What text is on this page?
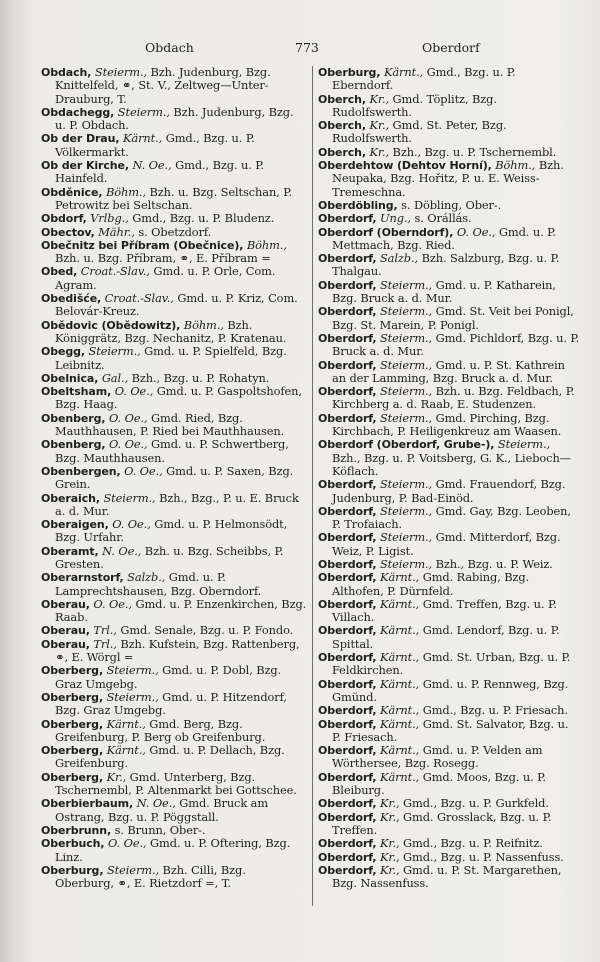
Obdach	773	Oberdorf

Obdach, Steierm., Bzh. Judenburg, Bzg. Knittelfeld, ⚭, St. V., Zeltweg—Unter-Drauburg, T.

Obdachegg, Steierm., Bzh. Judenburg, Bzg. u. P. Obdach.

Ob der Drau, Kärnt., Gmd., Bzg. u. P. Völkermarkt.

Ob der Kirche, N. Oe., Gmd., Bzg. u. P. Hainfeld.

Obděnice, Böhm., Bzh. u. Bzg. Seltschan, P. Petrowitz bei Seltschan.

Obdorf, Vrlbg., Gmd., Bzg. u. P. Bludenz.

Obectov, Mähr., s. Obetzdorf.

Obečnitz bei Příbram (Obečnice), Böhm., Bzh. u. Bzg. Příbram, ⚭, E. Příbram =

Obed, Croat.-Slav., Gmd. u. P. Orle, Com. Agram.

Obedišće, Croat.-Slav., Gmd. u. P. Kriz, Com. Belovár-Kreuz.

Obědovic (Obědowitz), Böhm., Bzh. Königgrätz, Bzg. Nechanitz, P. Kratenau.

Obegg, Steierm., Gmd. u. P. Spielfeld, Bzg. Leibnitz.

Obelnica, Gal., Bzh., Bzg. u. P. Rohatyn.

Obeltsham, O. Oe., Gmd. u. P. Gaspoltshofen, Bzg. Haag.

Obenberg, O. Oe., Gmd. Ried, Bzg. Mauthhausen, P. Ried bei Mauthhausen.

Obenberg, O. Oe., Gmd. u. P. Schwertberg, Bzg. Mauthhausen.

Obenbergen, O. Oe., Gmd. u. P. Saxen, Bzg. Grein.

Oberaich, Steierm., Bzh., Bzg., P. u. E. Bruck a. d. Mur.

Oberaigen, O. Oe., Gmd. u. P. Helmonsödt, Bzg. Urfahr.

Oberamt, N. Oe., Bzh. u. Bzg. Scheibbs, P. Gresten.

Oberarnstorf, Salzb., Gmd. u. P. Lamprechtshausen, Bzg. Oberndorf.

Oberau, O. Oe., Gmd. u. P. Enzenkirchen, Bzg. Raab.

Oberau, Trl., Gmd. Senale, Bzg. u. P. Fondo.

Oberau, Trl., Bzh. Kufstein, Bzg. Rattenberg, ⚭, E. Wörgl =

Oberberg, Steierm., Gmd. u. P. Dobl, Bzg. Graz Umgebg.

Oberberg, Steierm., Gmd. u. P. Hitzendorf, Bzg. Graz Umgebg.

Oberberg, Kärnt., Gmd. Berg, Bzg. Greifenburg, P. Berg ob Greifenburg.

Oberberg, Kärnt., Gmd. u. P. Dellach, Bzg. Greifenburg.

Oberberg, Kr., Gmd. Unterberg, Bzg. Tschernembl, P. Altenmarkt bei Gottschee.

Oberbierbaum, N. Oe., Gmd. Bruck am Ostrang, Bzg. u. P. Pöggstall.

Oberbrunn, s. Brunn, Ober-.

Oberbuch, O. Oe., Gmd. u. P. Oftering, Bzg. Linz.

Oberburg, Steierm., Bzh. Cilli, Bzg. Oberburg, ⚭, E. Rietzdorf =, T.

Oberburg, Kärnt., Gmd., Bzg. u. P. Eberndorf.

Oberch, Kr., Gmd. Töplitz, Bzg. Rudolfswerth.

Oberch, Kr., Gmd. St. Peter, Bzg. Rudolfswerth.

Oberch, Kr., Bzh., Bzg. u. P. Tschernembl.

Oberdehtow (Dehtov Horní), Böhm., Bzh. Neupaka, Bzg. Hořitz, P. u. E. Weiss-Tremeschna.

Oberdöbling, s. Döbling, Ober-.

Oberdorf, Ung., s. Orállás.

Oberdorf (Oberndorf), O. Oe., Gmd. u. P. Mettmach, Bzg. Ried.

Oberdorf, Salzb., Bzh. Salzburg, Bzg. u. P. Thalgau.

Oberdorf, Steierm., Gmd. u. P. Katharein, Bzg. Bruck a. d. Mur.

Oberdorf, Steierm., Gmd. St. Veit bei Ponigl, Bzg. St. Marein, P. Ponigl.

Oberdorf, Steierm., Gmd. Pichldorf, Bzg. u. P. Bruck a. d. Mur.

Oberdorf, Steierm., Gmd. u. P. St. Kathrein an der Lamming, Bzg. Bruck a. d. Mur.

Oberdorf, Steierm., Bzh. u. Bzg. Feldbach, P. Kirchberg a. d. Raab, E. Studenzen.

Oberdorf, Steierm., Gmd. Pirching, Bzg. Kirchbach, P. Heiligenkreuz am Waasen.

Oberdorf (Oberdorf, Grube-), Steierm., Bzh., Bzg. u. P. Voitsberg, G. K., Lieboch—Köflach.

Oberdorf, Steierm., Gmd. Frauendorf, Bzg. Judenburg, P. Bad-Einöd.

Oberdorf, Steierm., Gmd. Gay, Bzg. Leoben, P. Trofaiach.

Oberdorf, Steierm., Gmd. Mitterdorf, Bzg. Weiz, P. Ligist.

Oberdorf, Steierm., Bzh., Bzg. u. P. Weiz.

Oberdorf, Kärnt., Gmd. Rabing, Bzg. Althofen, P. Dürnfeld.

Oberdorf, Kärnt., Gmd. Treffen, Bzg. u. P. Villach.

Oberdorf, Kärnt., Gmd. Lendorf, Bzg. u. P. Spittal.

Oberdorf, Kärnt., Gmd. St. Urban, Bzg. u. P. Feldkirchen.

Oberdorf, Kärnt., Gmd. u. P. Rennweg, Bzg. Gmünd.

Oberdorf, Kärnt., Gmd., Bzg. u. P. Friesach.

Oberdorf, Kärnt., Gmd. St. Salvator, Bzg. u. P. Friesach.

Oberdorf, Kärnt., Gmd. u. P. Velden am Wörthersee, Bzg. Rosegg.

Oberdorf, Kärnt., Gmd. Moos, Bzg. u. P. Bleiburg.

Oberdorf, Kr., Gmd., Bzg. u. P. Gurkfeld.

Oberdorf, Kr., Gmd. Grosslack, Bzg. u. P. Treffen.

Oberdorf, Kr., Gmd., Bzg. u. P. Reifnitz.

Oberdorf, Kr., Gmd., Bzg. u. P. Nassenfuss.

Oberdorf, Kr., Gmd. u. P. St. Margarethen, Bzg. Nassenfuss.
